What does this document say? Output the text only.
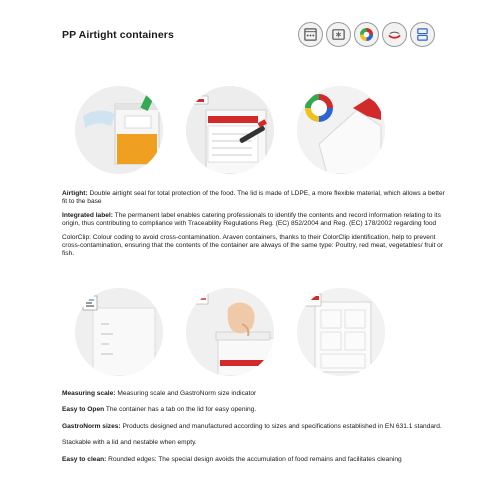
PP Airtight containers

Airtight: Double airtight seal for total protection of the food. The lid is made of LDPE, a more flexible material, which allows a better fit to the base

Integrated label: The permanent label enables catering professionals to identify the contents and record information relating to its origin, thus contributing to compliance with Traceability Regulations Reg. (EC) 852/2004 and Reg. (EC) 178/2002 regarding food

ColorClip: Colour coding to avoid cross-contamination. Araven containers, thanks to their ColorClip identification, help to prevent cross-contamination, ensuring that the contents of the container are always of the same type: Poultry, red meat, vegetables/ fruit or fish.

Measuring scale: Measuring scale and GastroNorm size indicator

Easy to Open The container has a tab on the lid for easy opening.

GastroNorm sizes: Products designed and manufactured according to sizes and specifications established in EN 631.1 standard.

Stackable with a lid and nestable when empty.

Easy to clean: Rounded edges: The special design avoids the accumulation of food remains and facilitates cleaning
